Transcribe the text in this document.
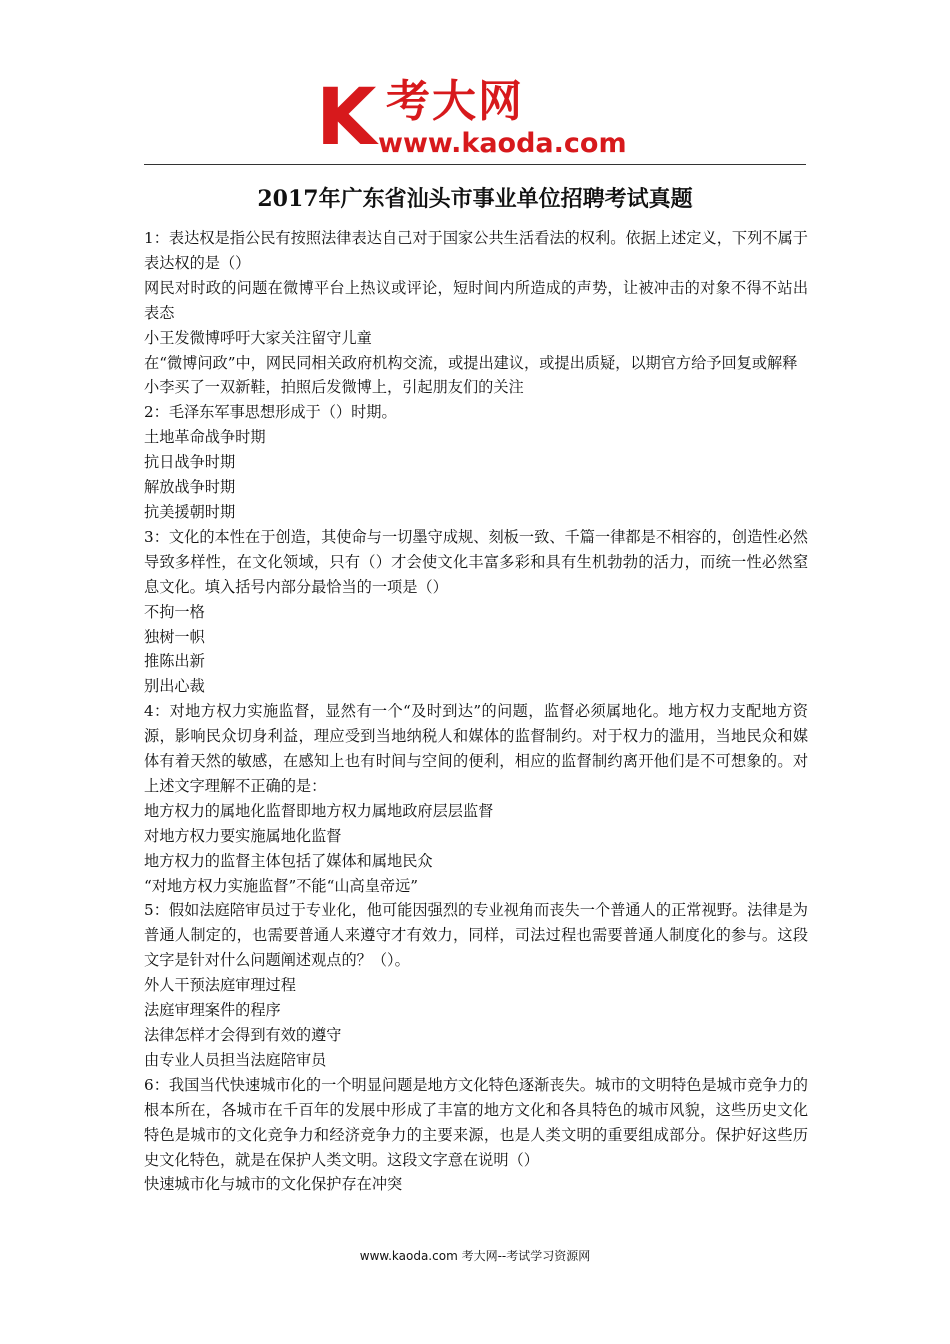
K 考大网
www.kaoda.com
2017年广东省汕头市事业单位招聘考试真题

1：表达权是指公民有按照法律表达自己对于国家公共生活看法的权利。依据上述定义，下列不属于表达权的是（）

网民对时政的问题在微博平台上热议或评论，短时间内所造成的声势，让被冲击的对象不得不站出表态

小王发微博呼吁大家关注留守儿童

在“微博问政”中，网民同相关政府机构交流，或提出建议，或提出质疑，以期官方给予回复或解释

小李买了一双新鞋，拍照后发微博上，引起朋友们的关注

2：毛泽东军事思想形成于（）时期。

土地革命战争时期

抗日战争时期

解放战争时期

抗美援朝时期

3：文化的本性在于创造，其使命与一切墨守成规、刻板一致、千篇一律都是不相容的，创造性必然导致多样性，在文化领域，只有（）才会使文化丰富多彩和具有生机勃勃的活力，而统一性必然窒息文化。填入括号内部分最恰当的一项是（）

不拘一格

独树一帜

推陈出新

别出心裁

4：对地方权力实施监督，显然有一个“及时到达”的问题，监督必须属地化。地方权力支配地方资源，影响民众切身利益，理应受到当地纳税人和媒体的监督制约。对于权力的滥用，当地民众和媒体有着天然的敏感，在感知上也有时间与空间的便利，相应的监督制约离开他们是不可想象的。对上述文字理解不正确的是：

地方权力的属地化监督即地方权力属地政府层层监督

对地方权力要实施属地化监督

地方权力的监督主体包括了媒体和属地民众

“对地方权力实施监督”不能“山高皇帝远”

5：假如法庭陪审员过于专业化，他可能因强烈的专业视角而丧失一个普通人的正常视野。法律是为普通人制定的，也需要普通人来遵守才有效力，同样，司法过程也需要普通人制度化的参与。这段文字是针对什么问题阐述观点的？（）。

外人干预法庭审理过程

法庭审理案件的程序

法律怎样才会得到有效的遵守

由专业人员担当法庭陪审员

6：我国当代快速城市化的一个明显问题是地方文化特色逐渐丧失。城市的文明特色是城市竞争力的根本所在，各城市在千百年的发展中形成了丰富的地方文化和各具特色的城市风貌，这些历史文化特色是城市的文化竞争力和经济竞争力的主要来源，也是人类文明的重要组成部分。保护好这些历史文化特色，就是在保护人类文明。这段文字意在说明（）

快速城市化与城市的文化保护存在冲突

www.kaoda.com 考大网--考试学习资源网
